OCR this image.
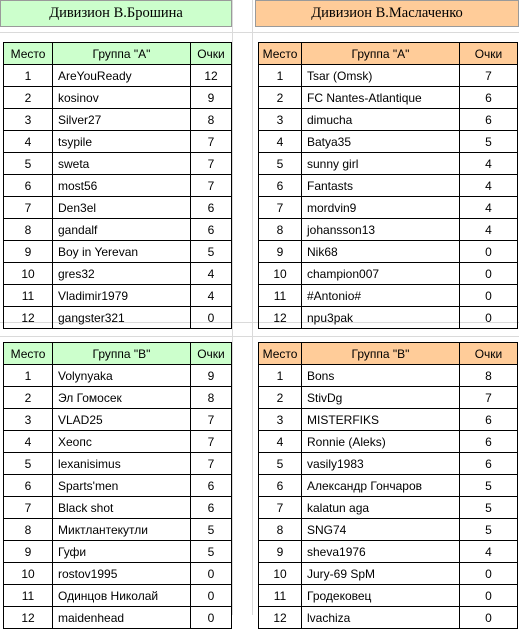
Дивизион В.Брошина	Дивизион В.Маслаченко
Место	Группа "А"	Очки
1	AreYouReady	12
2	kosinov	9
3	Silver27	8
4	tsypile	7
5	sweta	7
6	most56	7
7	Den3el	6
8	gandalf	6
9	Boy in Yerevan	5
10	gres32	4
11	Vladimir1979	4
12	gangster321	0
Место	Группа "А"	Очки
1	Tsar (Omsk)	7
2	FC Nantes-Atlantique	6
3	dimucha	6
4	Batya35	5
5	sunny girl	4
6	Fantasts	4
7	mordvin9	4
8	johansson13	4
9	Nik68	0
10	champion007	0
11	#Antonio#	0
12	npu3pak	0
Место	Группа "B"	Очки
1	Volynyaka	9
2	Эл Гомосек	8
3	VLAD25	7
4	Хеопс	7
5	lexanisimus	7
6	Sparts'men	6
7	Black shot	6
8	Миктлантекутли	5
9	Гуфи	5
10	rostov1995	0
11	Одинцов Николай	0
12	maidenhead	0
Место	Группа "B"	Очки
1	Bons	8
2	StivDg	7
3	MISTERFIKS	6
4	Ronnie (Aleks)	6
5	vasily1983	6
6	Александр Гончаров	5
7	kalatun aga	5
8	SNG74	5
9	sheva1976	4
10	Jury-69 SpM	0
11	Гродековец	0
12	lvachiza	0
